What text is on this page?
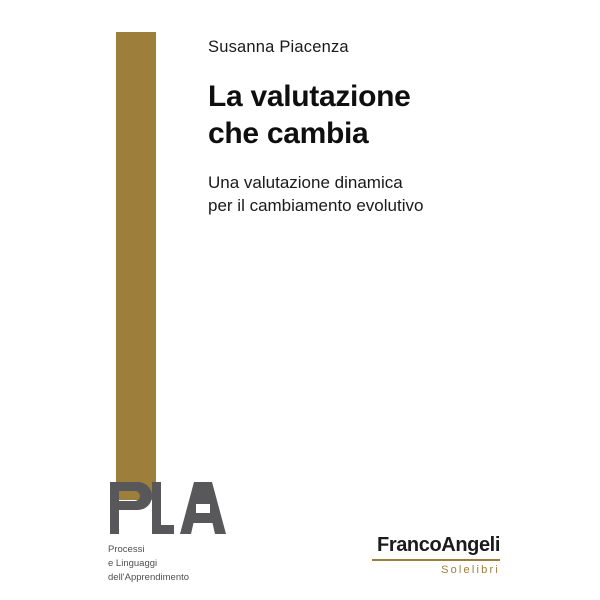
Susanna Piacenza

La valutazione
che cambia

Una valutazione dinamica
per il cambiamento evolutivo

Processi
e Linguaggi
dell'Apprendimento
FrancoAngeli
Solelibri
